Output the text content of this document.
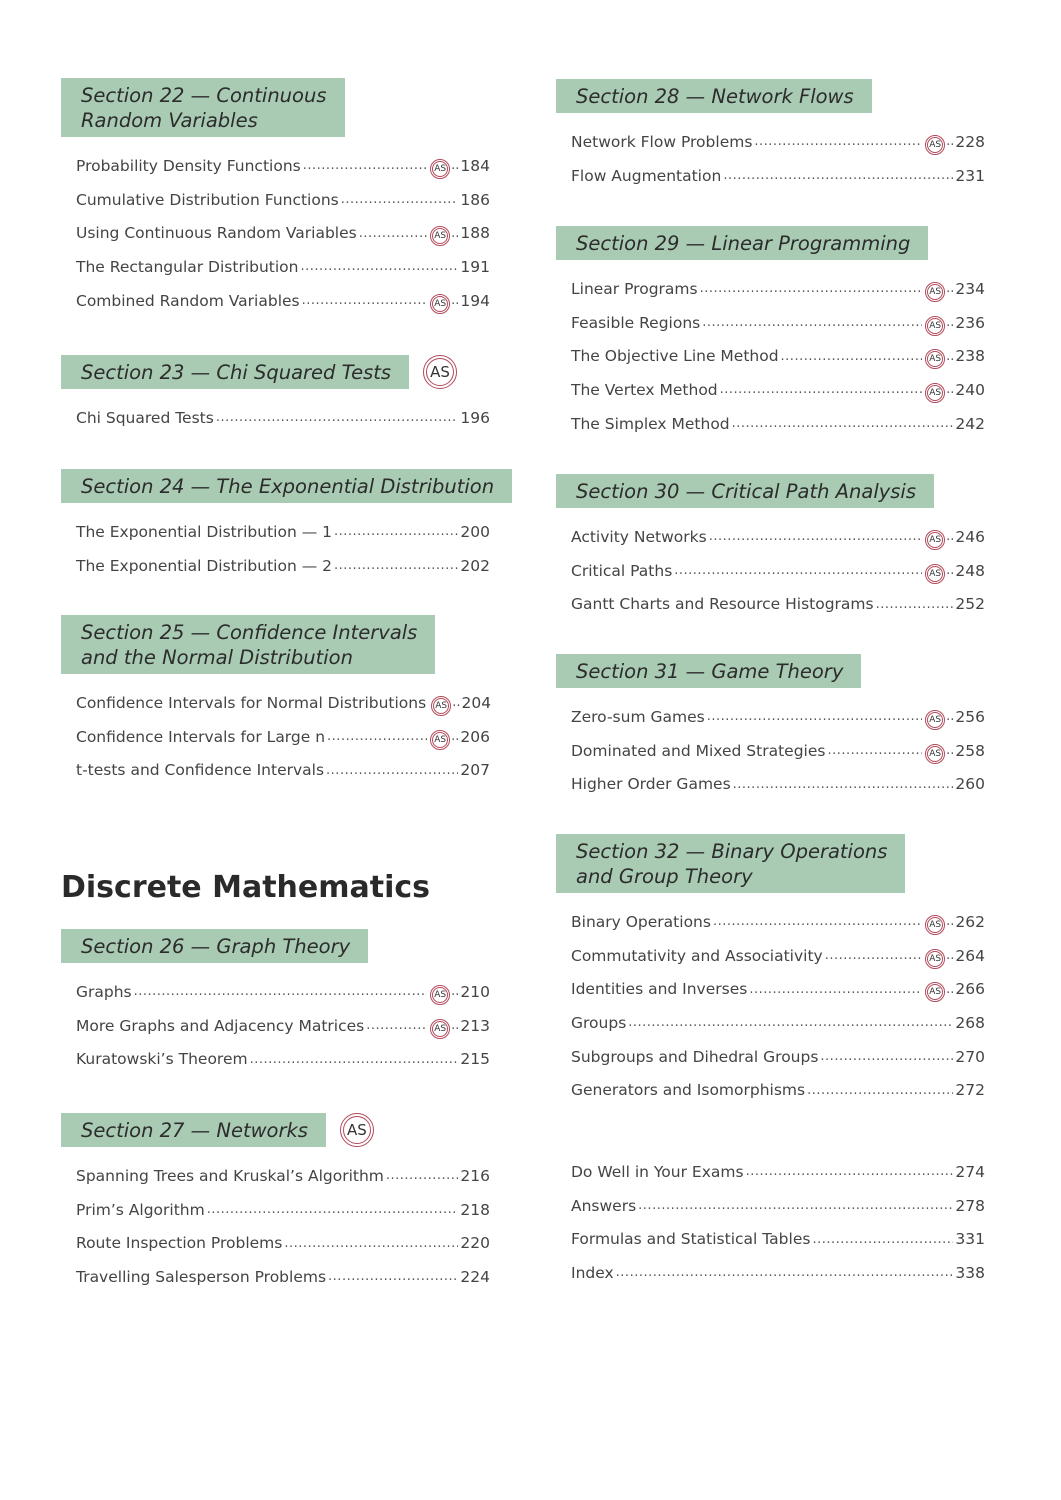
Section 22 — Continuous
Random Variables
Probability Density Functions .....	AS .. 184
Cumulative Distribution Functions .....	186
Using Continuous Random Variables .....	AS .. 188
The Rectangular Distribution .....	191
Combined Random Variables .....	AS .. 194
Section 23 — Chi Squared Tests	AS
Chi Squared Tests .....	196
Section 24 — The Exponential Distribution
The Exponential Distribution — 1 .....	200
The Exponential Distribution — 2 .....	202
Section 25 — Confidence Intervals
and the Normal Distribution
Confidence Intervals for Normal Distributions AS .. 204
Confidence Intervals for Large n .....	AS .. 206
t-tests and Confidence Intervals .....	207
Discrete Mathematics
Section 26 — Graph Theory
Graphs .....	AS .. 210
More Graphs and Adjacency Matrices .....	AS .. 213
Kuratowski’s Theorem .....	215
Section 27 — Networks	AS
Spanning Trees and Kruskal’s Algorithm .....	216
Prim’s Algorithm .....	218
Route Inspection Problems .....	220
Travelling Salesperson Problems .....	224
Section 28 — Network Flows
Network Flow Problems .....	AS .. 228
Flow Augmentation .....	231
Section 29 — Linear Programming
Linear Programs .....	AS .. 234
Feasible Regions .....	AS .. 236
The Objective Line Method .....	AS .. 238
The Vertex Method .....	AS .. 240
The Simplex Method .....	242
Section 30 — Critical Path Analysis
Activity Networks .....	AS .. 246
Critical Paths .....	AS .. 248
Gantt Charts and Resource Histograms .....	252
Section 31 — Game Theory
Zero-sum Games .....	AS .. 256
Dominated and Mixed Strategies .....	AS .. 258
Higher Order Games .....	260
Section 32 — Binary Operations
and Group Theory
Binary Operations .....	AS .. 262
Commutativity and Associativity .....	AS .. 264
Identities and Inverses .....	AS .. 266
Groups .....	268
Subgroups and Dihedral Groups .....	270
Generators and Isomorphisms .....	272
Do Well in Your Exams .....	274
Answers .....	278
Formulas and Statistical Tables .....	331
Index .....	338
